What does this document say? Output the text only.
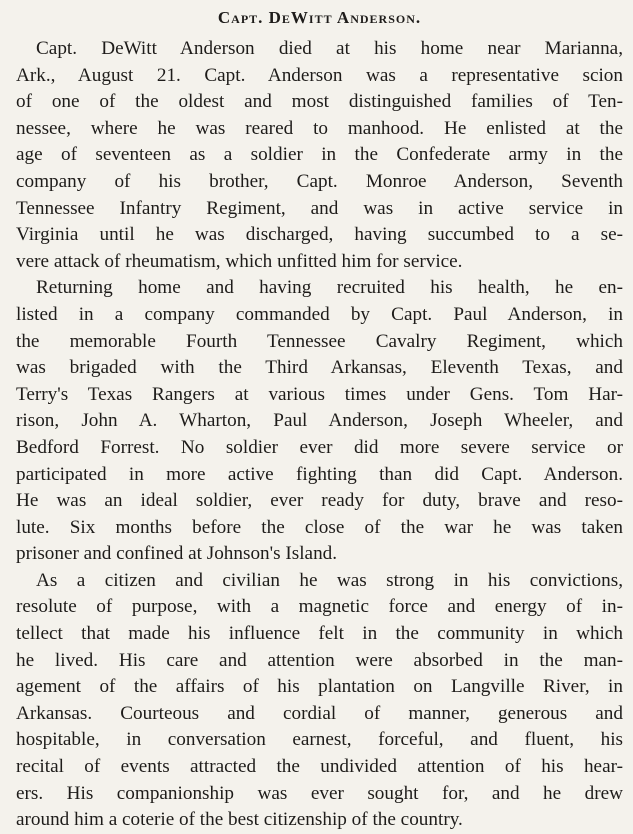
Capt. DeWitt Anderson.

Capt. DeWitt Anderson died at his home near Marianna,
Ark., August 21. Capt. Anderson was a representative scion
of one of the oldest and most distinguished families of Ten-
nessee, where he was reared to manhood. He enlisted at the
age of seventeen as a soldier in the Confederate army in the
company of his brother, Capt. Monroe Anderson, Seventh
Tennessee Infantry Regiment, and was in active service in
Virginia until he was discharged, having succumbed to a se-
vere attack of rheumatism, which unfitted him for service.

Returning home and having recruited his health, he en-
listed in a company commanded by Capt. Paul Anderson, in
the memorable Fourth Tennessee Cavalry Regiment, which
was brigaded with the Third Arkansas, Eleventh Texas, and
Terry's Texas Rangers at various times under Gens. Tom Har-
rison, John A. Wharton, Paul Anderson, Joseph Wheeler, and
Bedford Forrest. No soldier ever did more severe service or
participated in more active fighting than did Capt. Anderson.
He was an ideal soldier, ever ready for duty, brave and reso-
lute. Six months before the close of the war he was taken
prisoner and confined at Johnson's Island.

As a citizen and civilian he was strong in his convictions,
resolute of purpose, with a magnetic force and energy of in-
tellect that made his influence felt in the community in which
he lived. His care and attention were absorbed in the man-
agement of the affairs of his plantation on Langville River, in
Arkansas. Courteous and cordial of manner, generous and
hospitable, in conversation earnest, forceful, and fluent, his
recital of events attracted the undivided attention of his hear-
ers. His companionship was ever sought for, and he drew
around him a coterie of the best citizenship of the country.
